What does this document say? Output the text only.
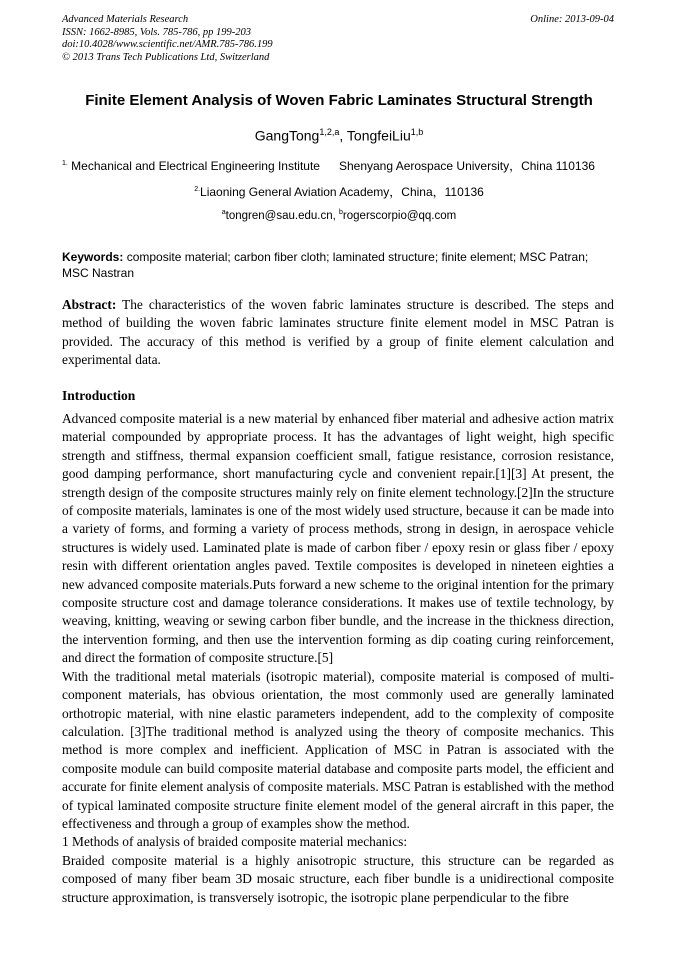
Advanced Materials Research
ISSN: 1662-8985, Vols. 785-786, pp 199-203
doi:10.4028/www.scientific.net/AMR.785-786.199
© 2013 Trans Tech Publications Ltd, Switzerland
Online: 2013-09-04
Finite Element Analysis of Woven Fabric Laminates Structural Strength
GangTong$^{1,2,a}$, TongfeiLiu$^{1,b}$
$^{1.}$ Mechanical and Electrical Engineering Institute Shenyang Aerospace University，China 110136
$^{2.}$Liaoning General Aviation Academy，China，110136
$^a$tongren@sau.edu.cn, $^b$rogerscorpio@qq.com
Keywords: composite material; carbon fiber cloth; laminated structure; finite element; MSC Patran; MSC Nastran
Abstract: The characteristics of the woven fabric laminates structure is described. The steps and method of building the woven fabric laminates structure finite element model in MSC Patran is provided. The accuracy of this method is verified by a group of finite element calculation and experimental data.
Introduction

Advanced composite material is a new material by enhanced fiber material and adhesive action matrix material compounded by appropriate process. It has the advantages of light weight, high specific strength and stiffness, thermal expansion coefficient small, fatigue resistance, corrosion resistance, good damping performance, short manufacturing cycle and convenient repair.[1][3] At present, the strength design of the composite structures mainly rely on finite element technology.[2]In the structure of composite materials, laminates is one of the most widely used structure, because it can be made into a variety of forms, and forming a variety of process methods, strong in design, in aerospace vehicle structures is widely used. Laminated plate is made of carbon fiber / epoxy resin or glass fiber / epoxy resin with different orientation angles paved. Textile composites is developed in nineteen eighties a new advanced composite materials.Puts forward a new scheme to the original intention for the primary composite structure cost and damage tolerance considerations. It makes use of textile technology, by weaving, knitting, weaving or sewing carbon fiber bundle, and the increase in the thickness direction, the intervention forming, and then use the intervention forming as dip coating curing reinforcement, and direct the formation of composite structure.[5]

With the traditional metal materials (isotropic material), composite material is composed of multi-component materials, has obvious orientation, the most commonly used are generally laminated orthotropic material, with nine elastic parameters independent, add to the complexity of composite calculation. [3]The traditional method is analyzed using the theory of composite mechanics. This method is more complex and inefficient. Application of MSC in Patran is associated with the composite module can build composite material database and composite parts model, the efficient and accurate for finite element analysis of composite materials. MSC Patran is established with the method of typical laminated composite structure finite element model of the general aircraft in this paper, the effectiveness and through a group of examples show the method.

1 Methods of analysis of braided composite material mechanics:

Braided composite material is a highly anisotropic structure, this structure can be regarded as composed of many fiber beam 3D mosaic structure, each fiber bundle is a unidirectional composite structure approximation, is transversely isotropic, the isotropic plane perpendicular to the fibre
